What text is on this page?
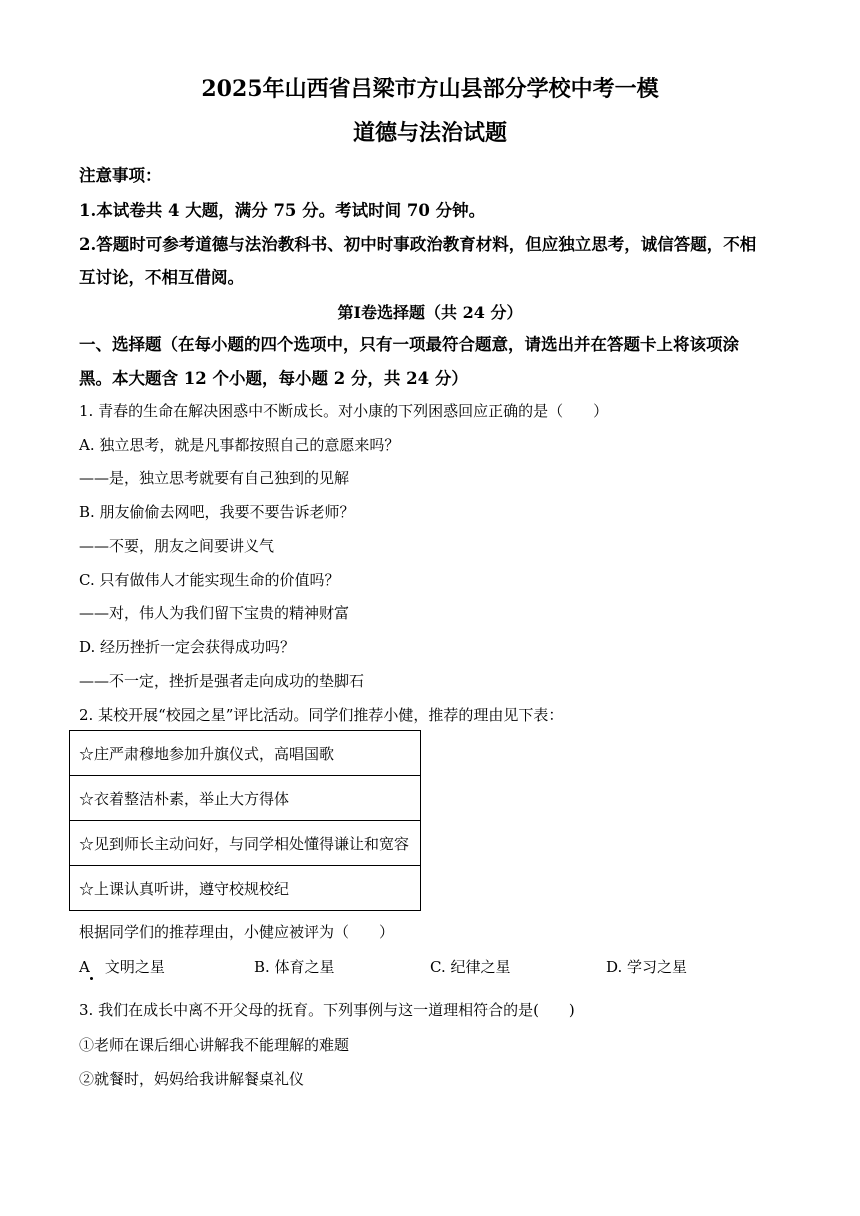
2025年山西省吕梁市方山县部分学校中考一模
道德与法治试题
注意事项：
1.本试卷共 4 大题，满分 75 分。考试时间 70 分钟。
2.答题时可参考道德与法治教科书、初中时事政治教育材料，但应独立思考，诚信答题，不相
互讨论，不相互借阅。
第Ⅰ卷选择题（共 24 分）
一、选择题（在每小题的四个选项中，只有一项最符合题意，请选出并在答题卡上将该项涂
黑。本大题含 12 个小题，每小题 2 分，共 24 分）
1. 青春的生命在解决困惑中不断成长。对小康的下列困惑回应正确的是（　　）
A. 独立思考，就是凡事都按照自己的意愿来吗？
——是，独立思考就要有自己独到的见解
B. 朋友偷偷去网吧，我要不要告诉老师？
——不要，朋友之间要讲义气
C. 只有做伟人才能实现生命的价值吗？
——对，伟人为我们留下宝贵的精神财富
D. 经历挫折一定会获得成功吗？
——不一定，挫折是强者走向成功的垫脚石
2. 某校开展“校园之星”评比活动。同学们推荐小健，推荐的理由见下表：
☆庄严肃穆地参加升旗仪式，高唱国歌
☆衣着整洁朴素，举止大方得体
☆见到师长主动问好，与同学相处懂得谦让和宽容
☆上课认真听讲，遵守校规校纪
根据同学们的推荐理由，小健应被评为（　　）
A　文明之星	B. 体育之星	C. 纪律之星	D. 学习之星
3. 我们在成长中离不开父母的抚育。下列事例与这一道理相符合的是(　　)
①老师在课后细心讲解我不能理解的难题
②就餐时，妈妈给我讲解餐桌礼仪
